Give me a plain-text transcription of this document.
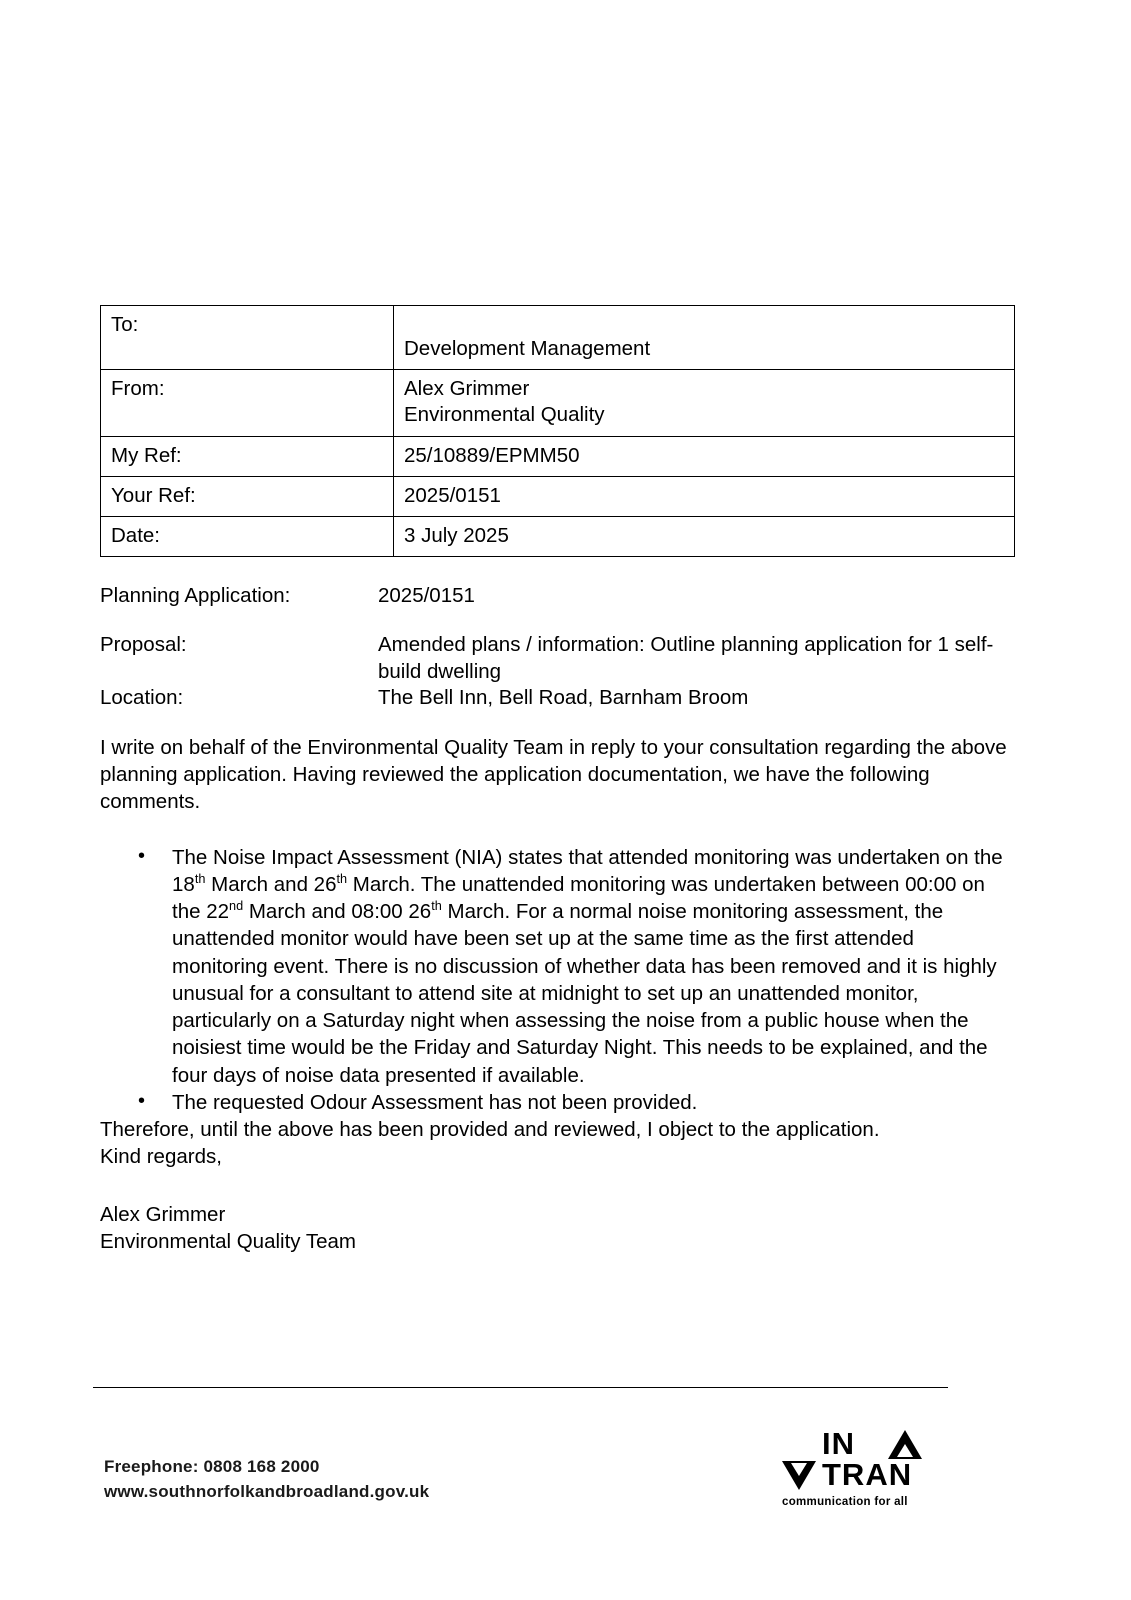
To:	Development Management

From:	Alex Grimmer
Environmental Quality

My Ref:	25/10889/EPMM50
Your Ref:	2025/0151
Date:	3 July 2025
Planning Application:	2025/0151
Proposal:	Amended plans / information: Outline planning application for 1 self-build dwelling
Location:	The Bell Inn, Bell Road, Barnham Broom

I write on behalf of the Environmental Quality Team in reply to your consultation regarding the above planning application. Having reviewed the application documentation, we have the following comments.

• The Noise Impact Assessment (NIA) states that attended monitoring was undertaken on the 18th March and 26th March. The unattended monitoring was undertaken between 00:00 on the 22nd March and 08:00 26th March. For a normal noise monitoring assessment, the unattended monitor would have been set up at the same time as the first attended monitoring event. There is no discussion of whether data has been removed and it is highly unusual for a consultant to attend site at midnight to set up an unattended monitor, particularly on a Saturday night when assessing the noise from a public house when the noisiest time would be the Friday and Saturday Night. This needs to be explained, and the four days of noise data presented if available.
• The requested Odour Assessment has not been provided.

Therefore, until the above has been provided and reviewed, I object to the application.

Kind regards,

Alex Grimmer
Environmental Quality Team
Freephone: 0808 168 2000
www.southnorfolkandbroadland.gov.uk
IN
TRAN
communication for all
